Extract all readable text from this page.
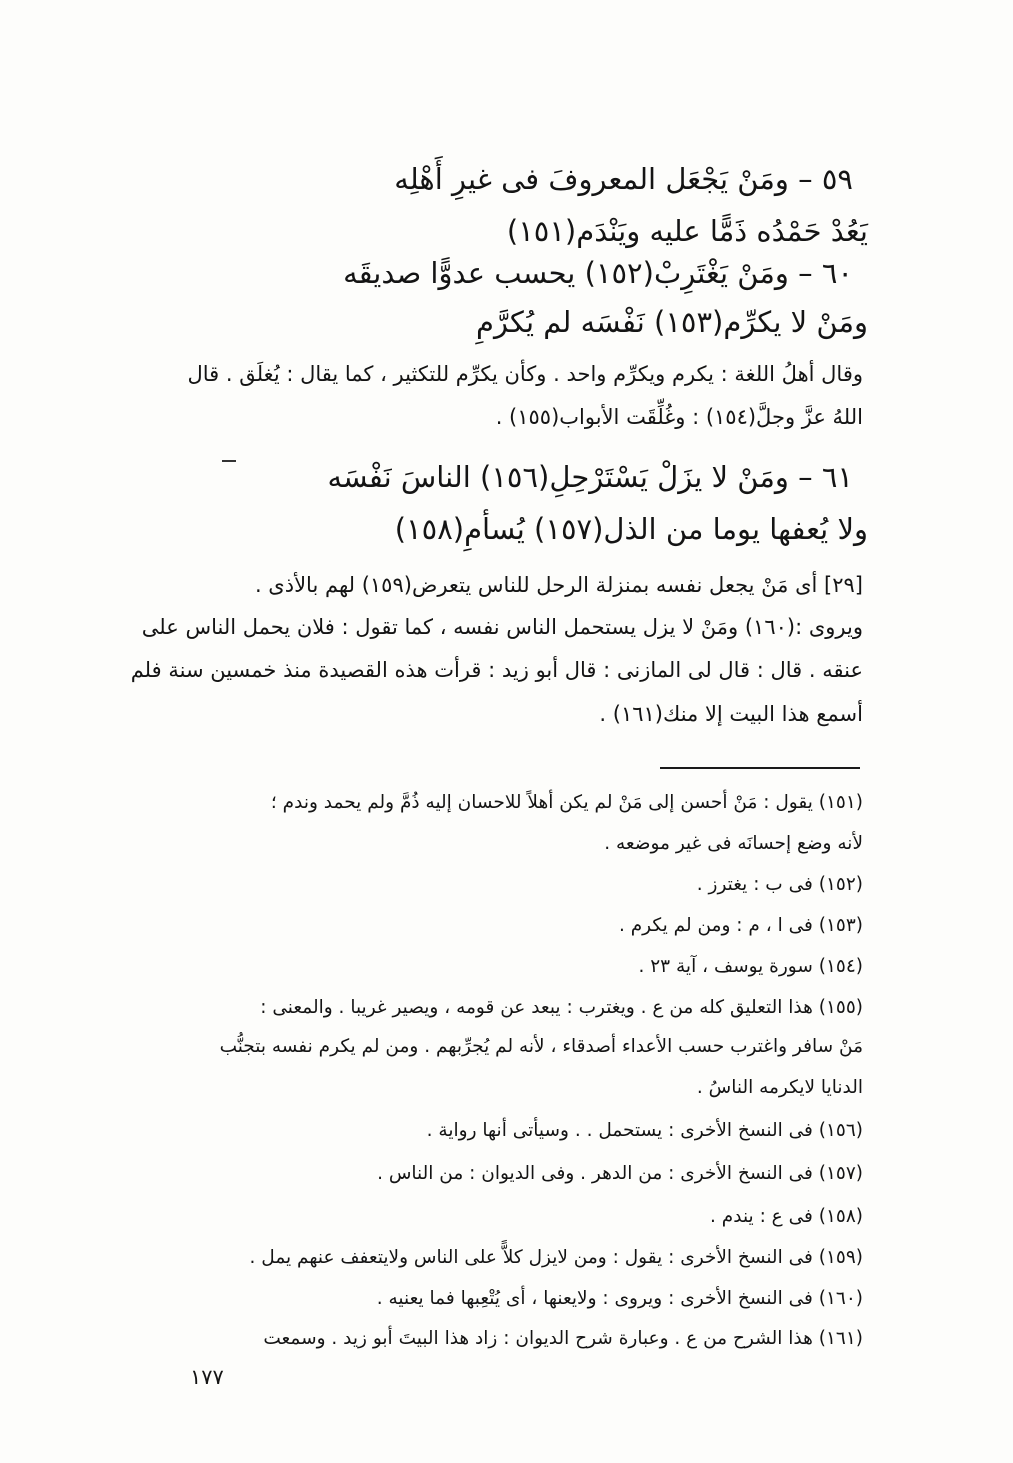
٥٩ – ومَنْ يَجْعَل المعروفَ فى غيرِ أَهْلِه
يَعُدْ حَمْدُه ذَمًّا عليه ويَنْدَم(١٥١)
٦٠ – ومَنْ يَغْتَرِبْ(١٥٢) يحسب عدوًّا صديقَه
ومَنْ لا يكرِّم(١٥٣) نَفْسَه لم يُكرَّمِ
وقال أهلُ اللغة : يكرم ويكرِّم واحد . وكأن يكرِّم للتكثير ، كما يقال : يُغلَق . قال
اللهُ عزَّ وجلَّ(١٥٤) : وغُلِّقَت الأبواب(١٥٥) .
٦١ – ومَنْ لا يزَلْ يَسْتَرْحِلِ(١٥٦) الناسَ نَفْسَه
ولا يُعفها يوما من الذل(١٥٧) يُسأمِ(١٥٨)
[٢٩] أى مَنْ يجعل نفسه بمنزلة الرحل للناس يتعرض(١٥٩) لهم بالأذى .
ويروى :(١٦٠) ومَنْ لا يزل يستحمل الناس نفسه ، كما تقول : فلان يحمل الناس على
عنقه . قال : قال لى المازنى : قال أبو زيد : قرأت هذه القصيدة منذ خمسين سنة فلم
أسمع هذا البيت إلا منك(١٦١) .
(١٥١) يقول : مَنْ أحسن إلى مَنْ لم يكن أهلاً للاحسان إليه ذُمَّ ولم يحمد وندم ؛
لأنه وضع إحسانَه فى غير موضعه .
(١٥٢) فى ب : يغترز .
(١٥٣) فى ا ، م : ومن لم يكرم .
(١٥٤) سورة يوسف ، آية ٢٣ .
(١٥٥) هذا التعليق كله من ع . ويغترب : يبعد عن قومه ، ويصير غريبا . والمعنى :
مَنْ سافر واغترب حسب الأعداء أصدقاء ، لأنه لم يُجرِّبهم . ومن لم يكرم نفسه بتجنُّب
الدنايا لايكرمه الناسُ .
(١٥٦) فى النسخ الأخرى : يستحمل . . وسيأتى أنها رواية .
(١٥٧) فى النسخ الأخرى : من الدهر . وفى الديوان : من الناس .
(١٥٨) فى ع : يندم .
(١٥٩) فى النسخ الأخرى : يقول : ومن لايزل كلاًّ على الناس ولايتعفف عنهم يمل .
(١٦٠) فى النسخ الأخرى : ويروى : ولايعنها ، أى يُتْعِبها فما يعنيه .
(١٦١) هذا الشرح من ع . وعبارة شرح الديوان : زاد هذا البيتَ أبو زيد . وسمعت
١٧٧
